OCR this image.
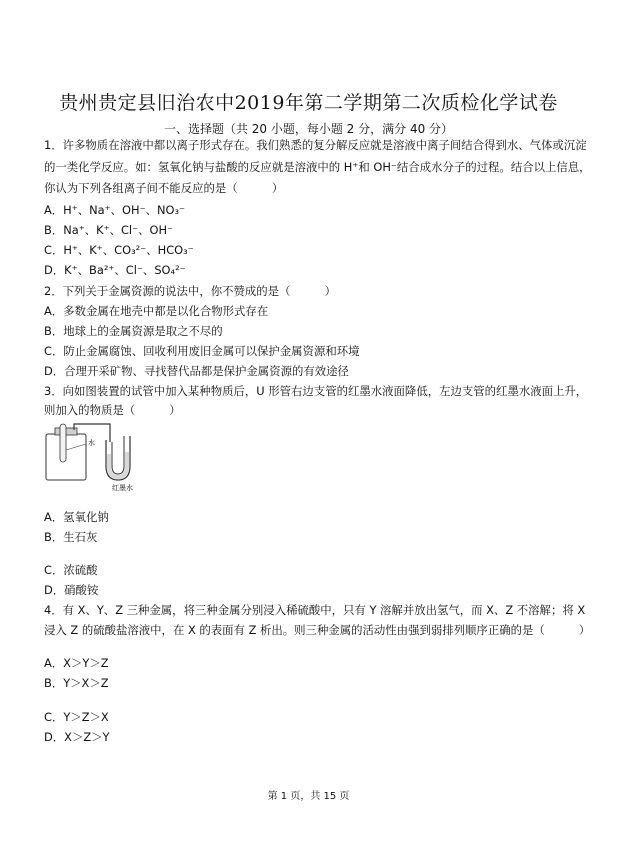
贵州贵定县旧治农中2019年第二学期第二次质检化学试卷
一、选择题（共 20 小题，每小题 2 分，满分 40 分）
1．许多物质在溶液中都以离子形式存在。我们熟悉的复分解反应就是溶液中离子间结合得到水、气体或沉淀
的一类化学反应。如：氢氧化钠与盐酸的反应就是溶液中的 H⁺和 OH⁻结合成水分子的过程。结合以上信息，
你认为下列各组离子间不能反应的是（　　　）
A．H⁺、Na⁺、OH⁻、NO₃⁻
B．Na⁺、K⁺、Cl⁻、OH⁻
C．H⁺、K⁺、CO₃²⁻、HCO₃⁻
D．K⁺、Ba²⁺、Cl⁻、SO₄²⁻
2．下列关于金属资源的说法中，你不赞成的是（　　　）
A．多数金属在地壳中都是以化合物形式存在
B．地球上的金属资源是取之不尽的
C．防止金属腐蚀、回收利用废旧金属可以保护金属资源和环境
D．合理开采矿物、寻找替代品都是保护金属资源的有效途径
3．向如图装置的试管中加入某种物质后，U 形管右边支管的红墨水液面降低，左边支管的红墨水液面上升，
则加入的物质是（　　　）
水
红墨水
A．氢氧化钠
B．生石灰
C．浓硫酸
D．硝酸铵
4．有 X、Y、Z 三种金属，将三种金属分别浸入稀硫酸中，只有 Y 溶解并放出氢气，而 X、Z 不溶解；将 X
浸入 Z 的硫酸盐溶液中，在 X 的表面有 Z 析出。则三种金属的活动性由强到弱排列顺序正确的是（　　　）
A．X＞Y＞Z
B．Y＞X＞Z
C．Y＞Z＞X
D．X＞Z＞Y
第 1 页，共 15 页
